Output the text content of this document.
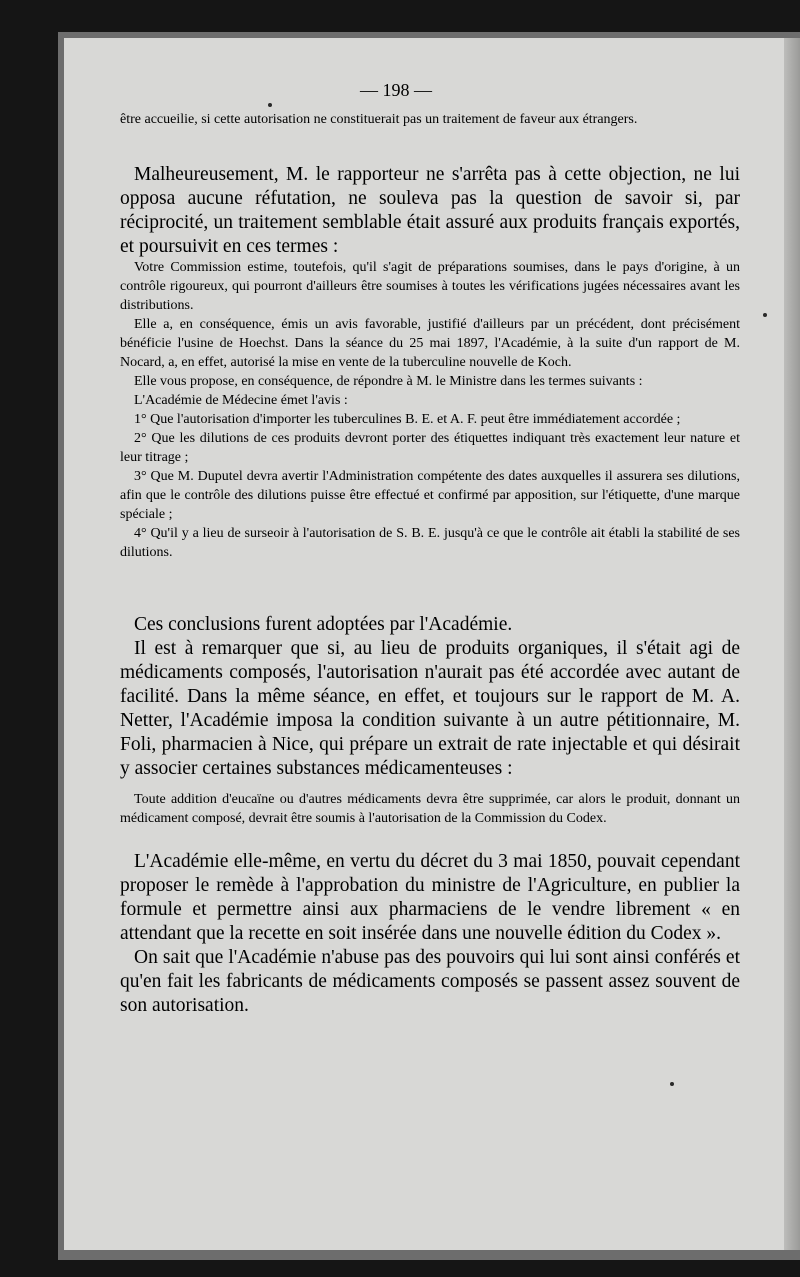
— 198 —

être accueilie, si cette autorisation ne constituerait pas un traitement de faveur aux étrangers.

Malheureusement, M. le rapporteur ne s'arrêta pas à cette objection, ne lui opposa aucune réfutation, ne souleva pas la question de savoir si, par réciprocité, un traitement semblable était assuré aux produits français exportés, et poursuivit en ces termes :

Votre Commission estime, toutefois, qu'il s'agit de préparations soumises, dans le pays d'origine, à un contrôle rigoureux, qui pourront d'ailleurs être soumises à toutes les vérifications jugées nécessaires avant les distributions.

Elle a, en conséquence, émis un avis favorable, justifié d'ailleurs par un précédent, dont précisément bénéficie l'usine de Hoechst. Dans la séance du 25 mai 1897, l'Académie, à la suite d'un rapport de M. Nocard, a, en effet, autorisé la mise en vente de la tuberculine nouvelle de Koch.

Elle vous propose, en conséquence, de répondre à M. le Ministre dans les termes suivants :

L'Académie de Médecine émet l'avis :

1° Que l'autorisation d'importer les tuberculines B. E. et A. F. peut être immédiatement accordée ;

2° Que les dilutions de ces produits devront porter des étiquettes indiquant très exactement leur nature et leur titrage ;

3° Que M. Duputel devra avertir l'Administration compétente des dates auxquelles il assurera ses dilutions, afin que le contrôle des dilutions puisse être effectué et confirmé par apposition, sur l'étiquette, d'une marque spéciale ;

4° Qu'il y a lieu de surseoir à l'autorisation de S. B. E. jusqu'à ce que le contrôle ait établi la stabilité de ses dilutions.

Ces conclusions furent adoptées par l'Académie.

Il est à remarquer que si, au lieu de produits organiques, il s'était agi de médicaments composés, l'autorisation n'aurait pas été accordée avec autant de facilité. Dans la même séance, en effet, et toujours sur le rapport de M. A. Netter, l'Académie imposa la condition suivante à un autre pétitionnaire, M. Foli, pharmacien à Nice, qui prépare un extrait de rate injectable et qui désirait y associer certaines substances médicamenteuses :

Toute addition d'eucaïne ou d'autres médicaments devra être supprimée, car alors le produit, donnant un médicament composé, devrait être soumis à l'autorisation de la Commission du Codex.

L'Académie elle-même, en vertu du décret du 3 mai 1850, pouvait cependant proposer le remède à l'approbation du ministre de l'Agriculture, en publier la formule et permettre ainsi aux pharmaciens de le vendre librement « en attendant que la recette en soit insérée dans une nouvelle édition du Codex ».

On sait que l'Académie n'abuse pas des pouvoirs qui lui sont ainsi conférés et qu'en fait les fabricants de médicaments composés se passent assez souvent de son autorisation.
